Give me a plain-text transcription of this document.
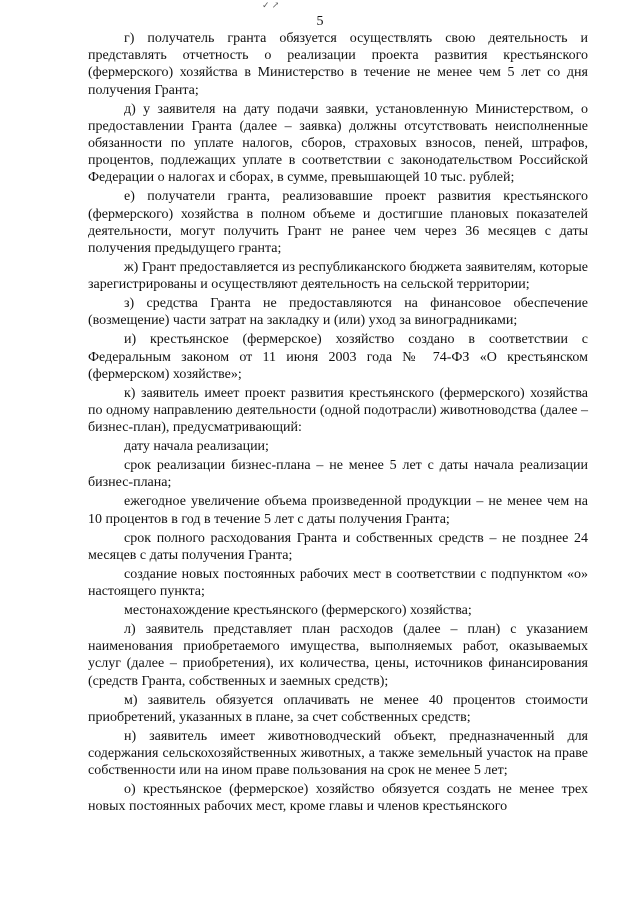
✓ ↗
5

г) получатель гранта обязуется осуществлять свою деятельность и представлять отчетность о реализации проекта развития крестьянского (фермерского) хозяйства в Министерство в течение не менее чем 5 лет со дня получения Гранта;

д) у заявителя на дату подачи заявки, установленную Министерством, о предоставлении Гранта (далее – заявка) должны отсутствовать неисполненные обязанности по уплате налогов, сборов, страховых взносов, пеней, штрафов, процентов, подлежащих уплате в соответствии с законодательством Российской Федерации о налогах и сборах, в сумме, превышающей 10 тыс. рублей;

е) получатели гранта, реализовавшие проект развития крестьянского (фермерского) хозяйства в полном объеме и достигшие плановых показателей деятельности, могут получить Грант не ранее чем через 36 месяцев с даты получения предыдущего гранта;

ж) Грант предоставляется из республиканского бюджета заявителям, которые зарегистрированы и осуществляют деятельность на сельской территории;

з) средства Гранта не предоставляются на финансовое обеспечение (возмещение) части затрат на закладку и (или) уход за виноградниками;

и) крестьянское (фермерское) хозяйство создано в соответствии с Федеральным законом от 11 июня 2003 года № 74-ФЗ «О крестьянском (фермерском) хозяйстве»;

к) заявитель имеет проект развития крестьянского (фермерского) хозяйства по одному направлению деятельности (одной подотрасли) животноводства (далее – бизнес-план), предусматривающий:

дату начала реализации;

срок реализации бизнес-плана – не менее 5 лет с даты начала реализации бизнес-плана;

ежегодное увеличение объема произведенной продукции – не менее чем на 10 процентов в год в течение 5 лет с даты получения Гранта;

срок полного расходования Гранта и собственных средств – не позднее 24 месяцев с даты получения Гранта;

создание новых постоянных рабочих мест в соответствии с подпунктом «о» настоящего пункта;

местонахождение крестьянского (фермерского) хозяйства;

л) заявитель представляет план расходов (далее – план) с указанием наименования приобретаемого имущества, выполняемых работ, оказываемых услуг (далее – приобретения), их количества, цены, источников финансирования (средств Гранта, собственных и заемных средств);

м) заявитель обязуется оплачивать не менее 40 процентов стоимости приобретений, указанных в плане, за счет собственных средств;

н) заявитель имеет животноводческий объект, предназначенный для содержания сельскохозяйственных животных, а также земельный участок на праве собственности или на ином праве пользования на срок не менее 5 лет;

о) крестьянское (фермерское) хозяйство обязуется создать не менее трех новых постоянных рабочих мест, кроме главы и членов крестьянского
